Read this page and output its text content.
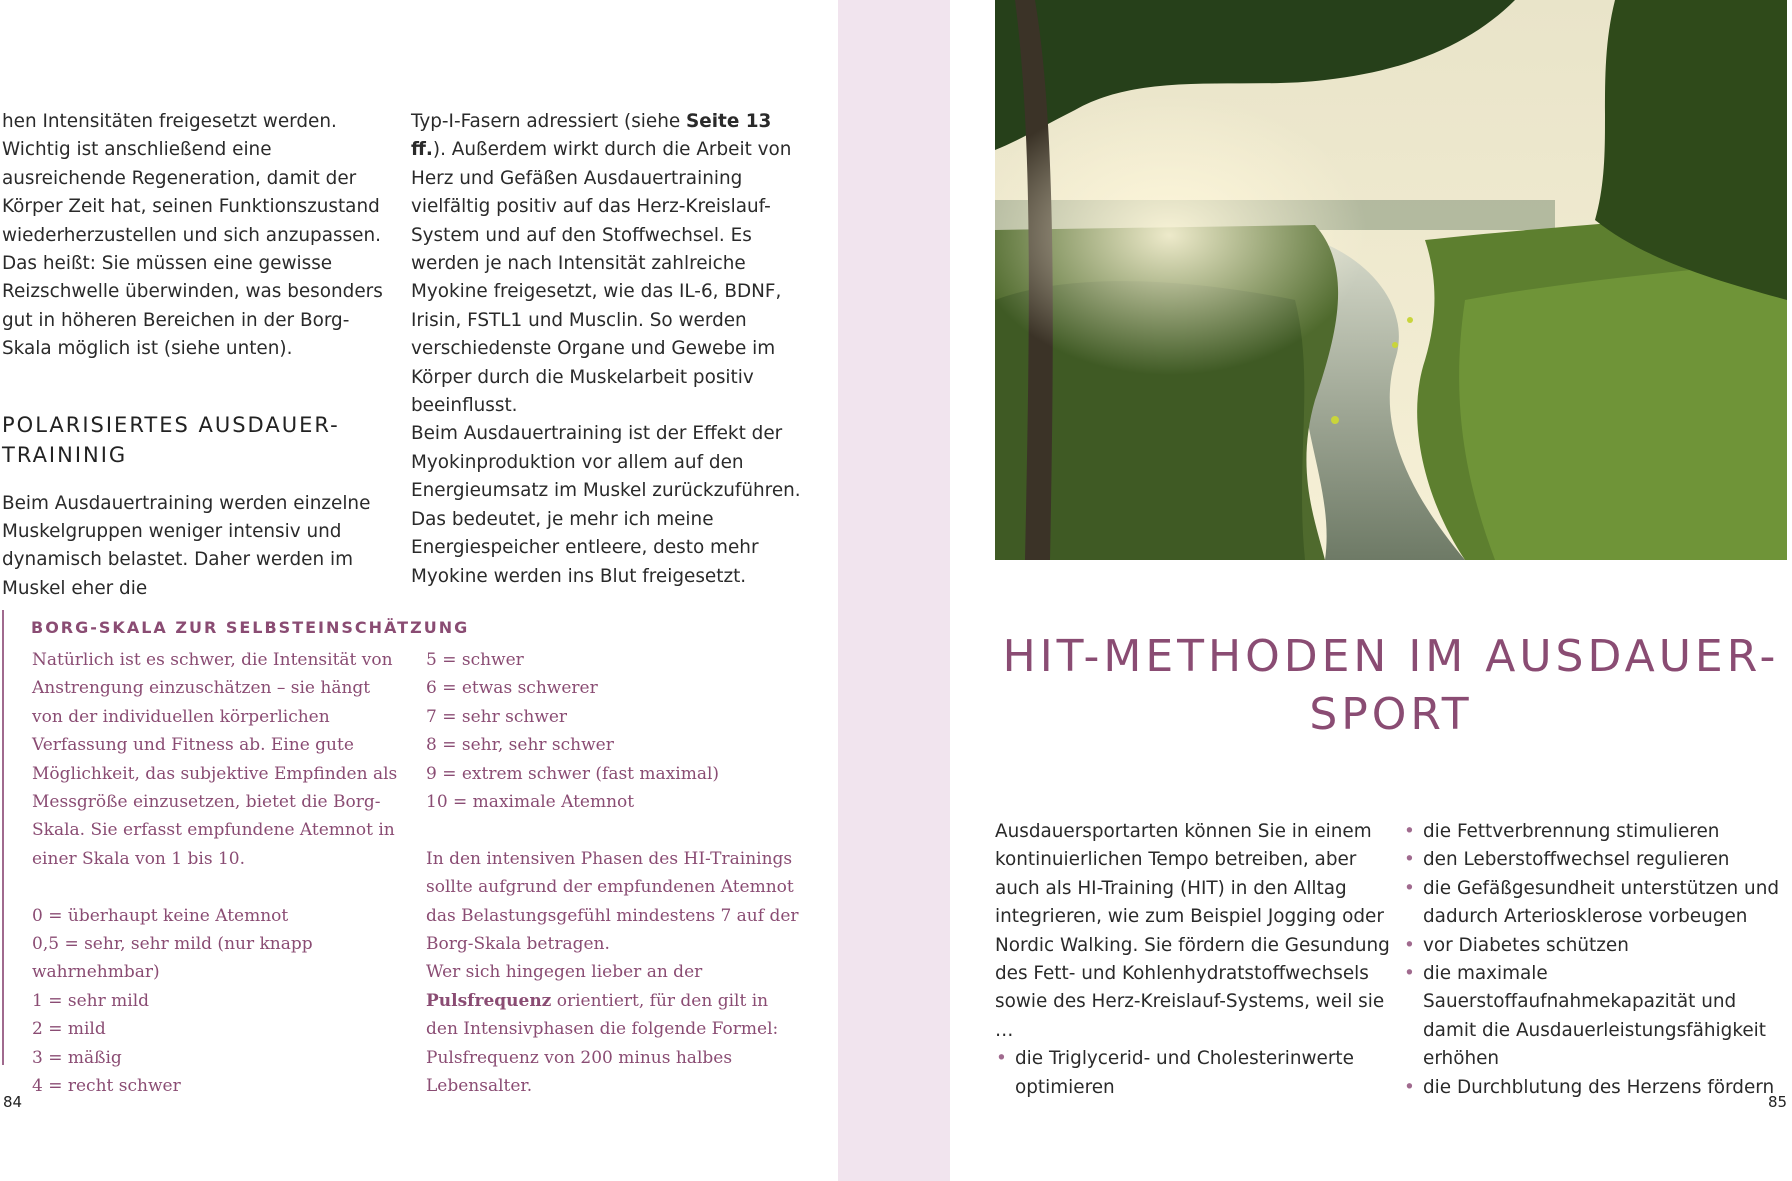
hen Intensitäten freigesetzt werden. Wichtig ist anschließend eine ausreichende Regeneration, damit der Körper Zeit hat, seinen Funktionszustand wiederherzustellen und sich anzupassen.

Das heißt: Sie müssen eine gewisse Reizschwelle überwinden, was besonders gut in höheren Bereichen in der Borg-Skala möglich ist (siehe unten).

POLARISIERTES AUSDAUER-TRAININIG

Beim Ausdauertraining werden einzelne Muskelgruppen weniger intensiv und dynamisch belastet. Daher werden im Muskel eher die

Typ-I-Fasern adressiert (siehe Seite 13 ff.). Außerdem wirkt durch die Arbeit von Herz und Gefäßen Ausdauertraining vielfältig positiv auf das Herz-Kreislauf-System und auf den Stoffwechsel. Es werden je nach Intensität zahlreiche Myokine freigesetzt, wie das IL-6, BDNF, Irisin, FSTL1 und Musclin. So werden verschiedenste Organe und Gewebe im Körper durch die Muskelarbeit positiv beeinflusst.

Beim Ausdauertraining ist der Effekt der Myokinproduktion vor allem auf den Energieumsatz im Muskel zurückzuführen. Das bedeutet, je mehr ich meine Energiespeicher entleere, desto mehr Myokine werden ins Blut freigesetzt.

BORG-SKALA ZUR SELBSTEINSCHÄTZUNG

Natürlich ist es schwer, die Intensität von Anstrengung einzuschätzen – sie hängt von der individuellen körperlichen Verfassung und Fitness ab. Eine gute Möglichkeit, das subjektive Empfinden als Messgröße einzusetzen, bietet die Borg-Skala. Sie erfasst empfundene Atemnot in einer Skala von 1 bis 10.

0 = überhaupt keine Atemnot
0,5 = sehr, sehr mild (nur knapp wahrnehmbar)
1 = sehr mild
2 = mild
3 = mäßig
4 = recht schwer
5 = schwer
6 = etwas schwerer
7 = sehr schwer
8 = sehr, sehr schwer
9 = extrem schwer (fast maximal)
10 = maximale Atemnot

In den intensiven Phasen des HI-Trainings sollte aufgrund der empfundenen Atemnot das Belastungsgefühl mindestens 7 auf der Borg-Skala betragen.

Wer sich hingegen lieber an der Pulsfrequenz orientiert, für den gilt in den Intensivphasen die folgende Formel: Pulsfrequenz von 200 minus halbes Lebensalter.

84
HIT-METHODEN IM AUSDAUER-SPORT

Ausdauersportarten können Sie in einem kontinuierlichen Tempo betreiben, aber auch als HI-Training (HIT) in den Alltag integrieren, wie zum Beispiel Jogging oder Nordic Walking. Sie fördern die Gesundung des Fett- und Kohlenhydratstoffwechsels sowie des Herz-Kreislauf-Systems, weil sie …

• die Triglycerid- und Cholesterinwerte optimieren
• die Fettverbrennung stimulieren
• den Leberstoffwechsel regulieren
• die Gefäßgesundheit unterstützen und dadurch Arteriosklerose vorbeugen
• vor Diabetes schützen
• die maximale Sauerstoffaufnahmekapazität und damit die Ausdauerleistungsfähigkeit erhöhen
• die Durchblutung des Herzens fördern
85
